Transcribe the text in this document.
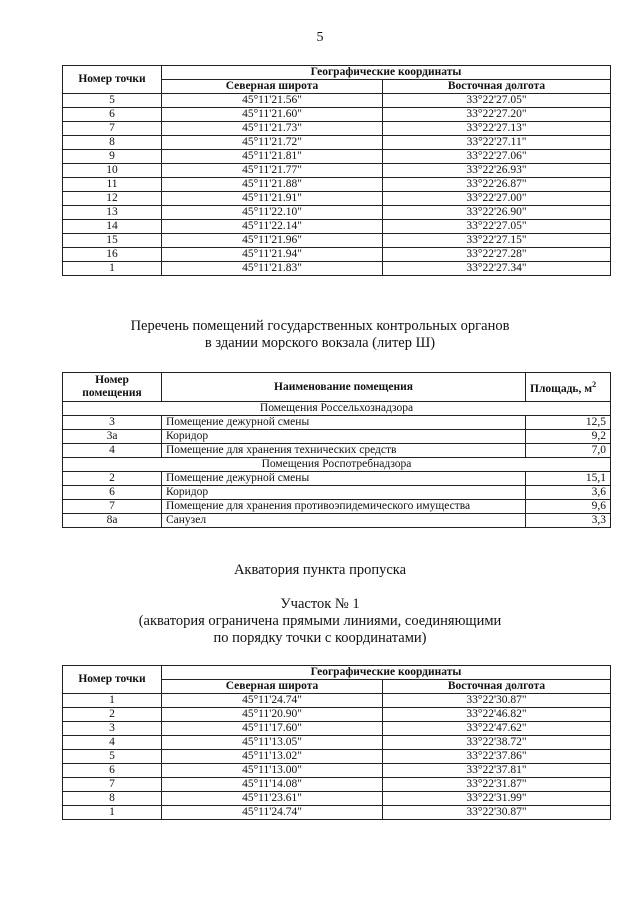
5
Номер точки	Географические координаты	
	Северная широта	Восточная долгота
5	45°11'21.56"	33°22'27.05"
6	45°11'21.60"	33°22'27.20"
7	45°11'21.73"	33°22'27.13"
8	45°11'21.72"	33°22'27.11"
9	45°11'21.81"	33°22'27.06"
10	45°11'21.77"	33°22'26.93"
11	45°11'21.88"	33°22'26.87"
12	45°11'21.91"	33°22'27.00"
13	45°11'22.10"	33°22'26.90"
14	45°11'22.14"	33°22'27.05"
15	45°11'21.96"	33°22'27.15"
16	45°11'21.94"	33°22'27.28"
1	45°11'21.83"	33°22'27.34"
Перечень помещений государственных контрольных органов
в здании морского вокзала (литер Ш)
Номер
помещения	Наименование помещения	Площадь, $м^2$
Помещения Россельхознадзора		
3	Помещение дежурной смены	12,5
3а	Коридор	9,2
4	Помещение для хранения технических средств	7,0
Помещения Роспотребнадзора		
2	Помещение дежурной смены	15,1
6	Коридор	3,6
7	Помещение для хранения противоэпидемического имущества	9,6
8а	Санузел	3,3
Акватория пункта пропуска
Участок № 1
(акватория ограничена прямыми линиями, соединяющими
по порядку точки с координатами)
Номер точки	Географические координаты	
	Северная широта	Восточная долгота
1	45°11'24.74"	33°22'30.87"
2	45°11'20.90"	33°22'46.82"
3	45°11'17.60"	33°22'47.62"
4	45°11'13.05"	33°22'38.72"
5	45°11'13.02"	33°22'37.86"
6	45°11'13.00"	33°22'37.81"
7	45°11'14.08"	33°22'31.87"
8	45°11'23.61"	33°22'31.99"
1	45°11'24.74"	33°22'30.87"
